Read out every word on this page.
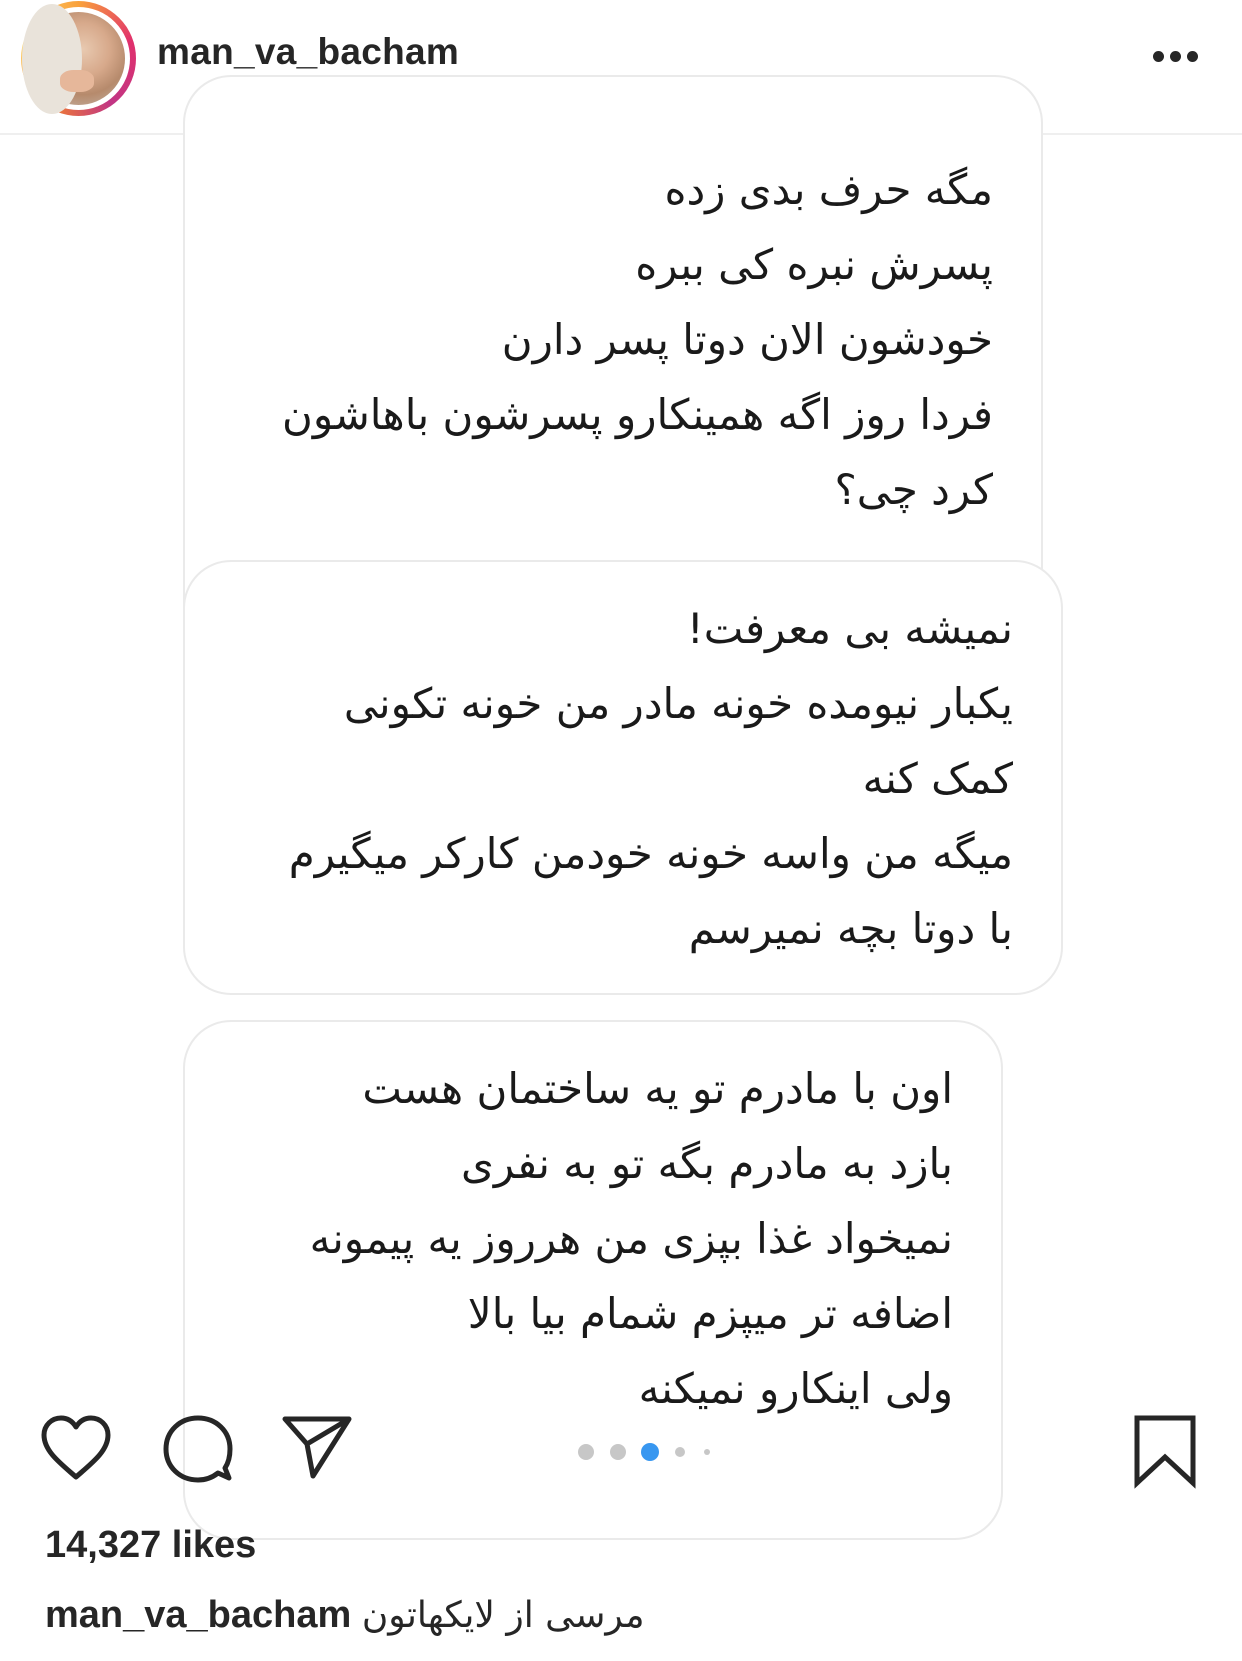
man_va_bacham
مگه حرف بدی زده
پسرش نبره کی ببره
خودشون الان دوتا پسر دارن
فردا روز اگه همینکارو پسرشون باهاشون
کرد چی؟
نمیشه بی معرفت!
یکبار نیومده خونه مادر من خونه تکونی
کمک کنه
میگه من واسه خونه خودمن کارکر میگیرم
با دوتا بچه نمیرسم
اون با مادرم تو یه ساختمان هست
بازد به مادرم بگه تو به نفری
نمیخواد غذا بپزی من هرروز یه پیمونه
اضافه تر میپزم شمام بیا بالا
ولی اینکارو نمیکنه
14,327 likes
man_va_bacham مرسی از لایکهاتون
